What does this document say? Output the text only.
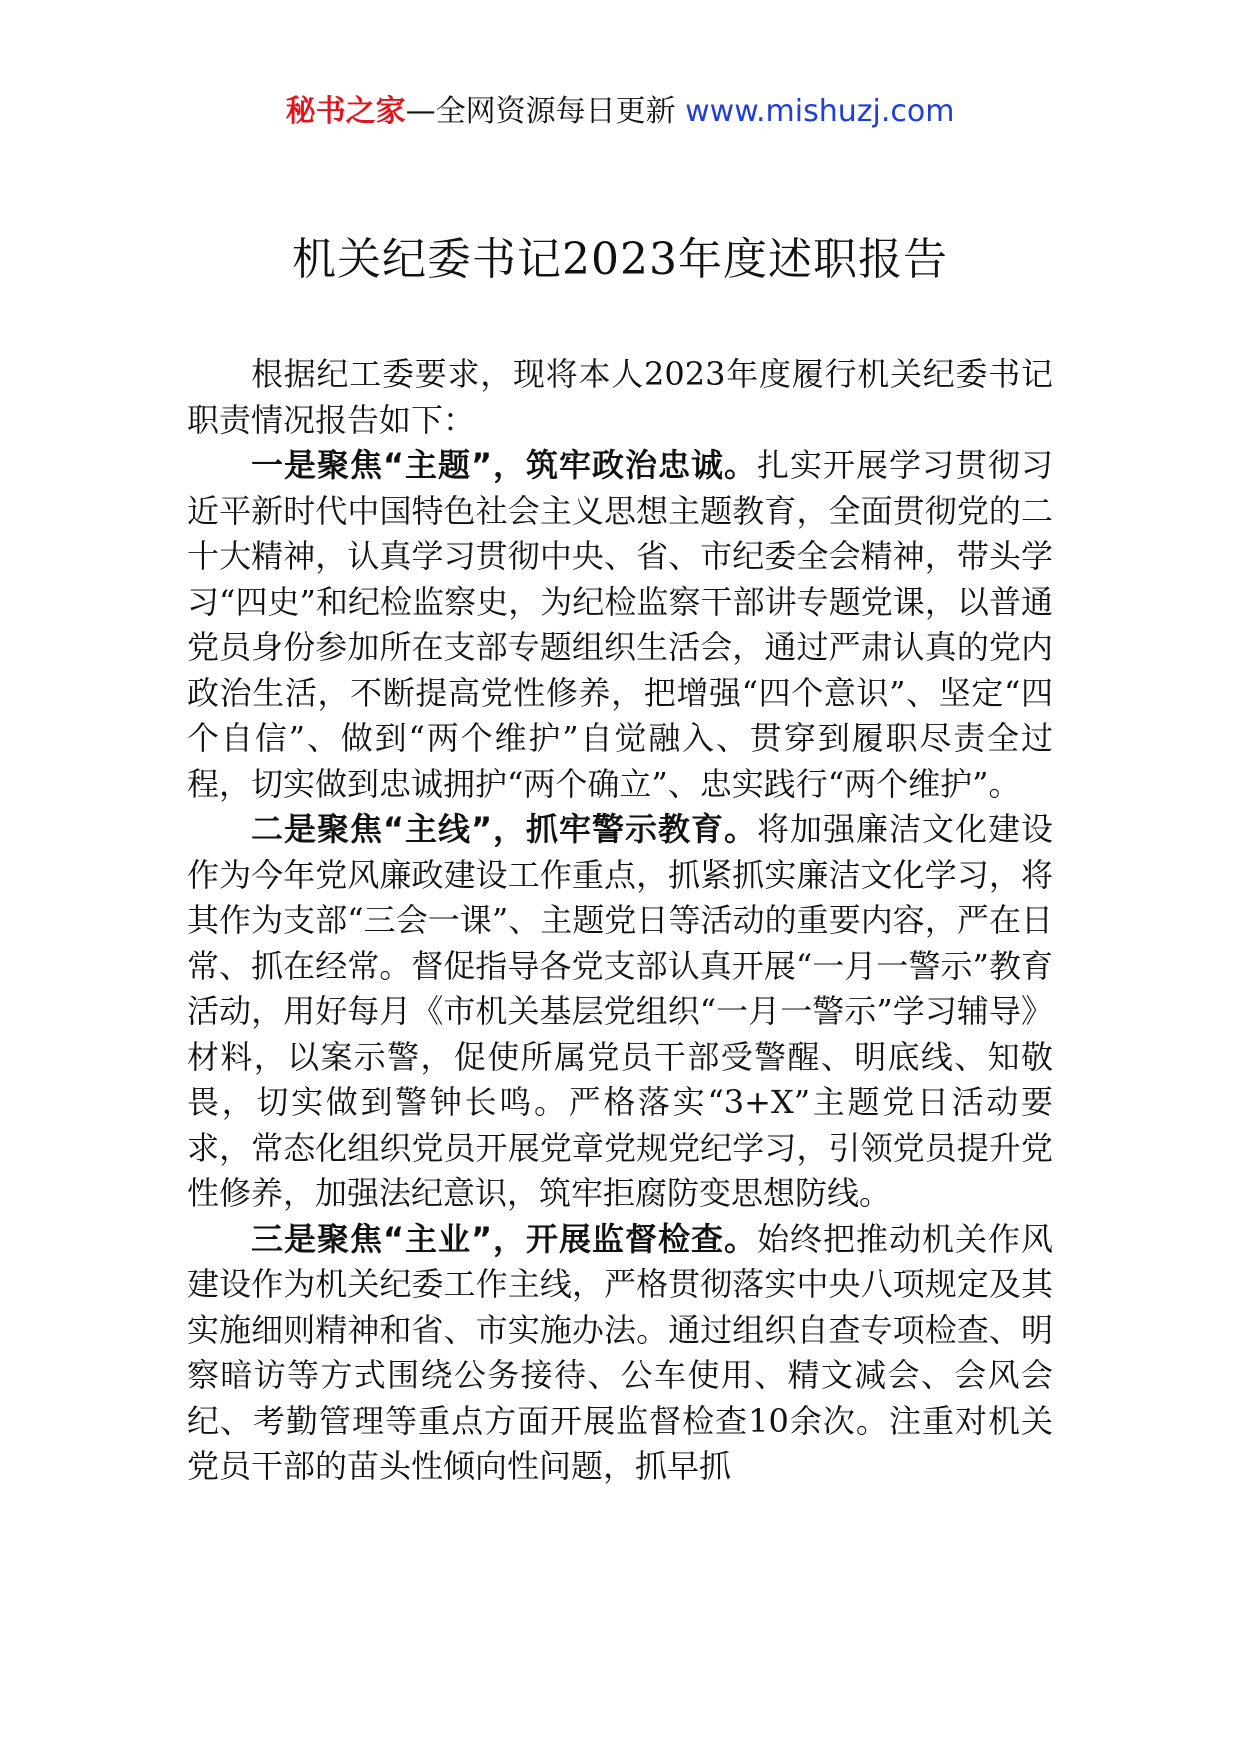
秘书之家—全网资源每日更新 www.mishuzj.com
机关纪委书记2023年度述职报告

根据纪工委要求，现将本人2023年度履行机关纪委书记职责情况报告如下：

一是聚焦“主题”，筑牢政治忠诚。扎实开展学习贯彻习近平新时代中国特色社会主义思想主题教育，全面贯彻党的二十大精神，认真学习贯彻中央、省、市纪委全会精神，带头学习“四史”和纪检监察史，为纪检监察干部讲专题党课，以普通党员身份参加所在支部专题组织生活会，通过严肃认真的党内政治生活，不断提高党性修养，把增强“四个意识”、坚定“四个自信”、做到“两个维护”自觉融入、贯穿到履职尽责全过程，切实做到忠诚拥护“两个确立”、忠实践行“两个维护”。

二是聚焦“主线”，抓牢警示教育。将加强廉洁文化建设作为今年党风廉政建设工作重点，抓紧抓实廉洁文化学习，将其作为支部“三会一课”、主题党日等活动的重要内容，严在日常、抓在经常。督促指导各党支部认真开展“一月一警示”教育活动，用好每月《市机关基层党组织“一月一警示”学习辅导》材料，以案示警，促使所属党员干部受警醒、明底线、知敬畏，切实做到警钟长鸣。严格落实“3+X”主题党日活动要求，常态化组织党员开展党章党规党纪学习，引领党员提升党性修养，加强法纪意识，筑牢拒腐防变思想防线。

三是聚焦“主业”，开展监督检查。始终把推动机关作风建设作为机关纪委工作主线，严格贯彻落实中央八项规定及其实施细则精神和省、市实施办法。通过组织自查专项检查、明察暗访等方式围绕公务接待、公车使用、精文减会、会风会纪、考勤管理等重点方面开展监督检查10余次。注重对机关党员干部的苗头性倾向性问题，抓早抓
